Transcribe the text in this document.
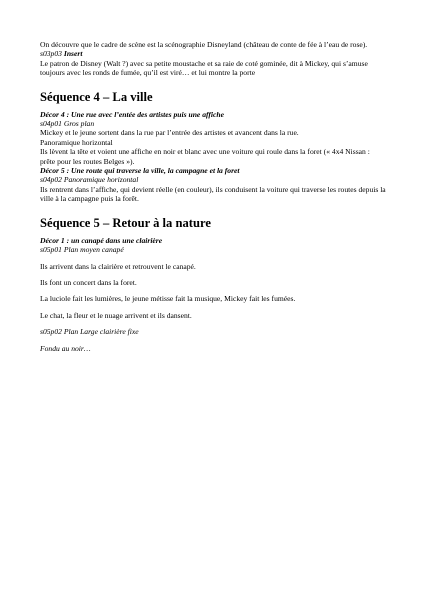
On découvre que le cadre de scène est la scénographie Disneyland (château de conte de fée à l’eau de rose).

s03p03 Insert

Le patron de Disney (Walt ?) avec sa petite moustache et sa raie de coté gominée, dit à Mickey, qui s’amuse toujours avec les ronds de fumée, qu’il est viré… et lui montre la porte

Séquence 4 – La ville

Décor 4 : Une rue avec l’entée des artistes puis une affiche

s04p01 Gros plan

Mickey et le jeune sortent dans la rue par l’entrée des artistes et avancent dans la rue.

Panoramique horizontal

Ils lèvent la tête et voient une affiche en noir et blanc avec une voiture qui roule dans la foret (« 4x4 Nissan : prête pour les routes Belges »).

Décor 5 : Une route qui traverse la ville, la campagne et la foret

s04p02 Panoramique horizontal

Ils rentrent dans l’affiche, qui devient réelle (en couleur), ils conduisent la voiture qui traverse les routes depuis la ville à la campagne puis la forêt.

Séquence 5 – Retour à la nature

Décor 1 : un canapé dans une clairière

s05p01 Plan moyen canapé

Ils arrivent dans la clairière et retrouvent le canapé.

Ils font un concert dans la foret.

La luciole fait les lumières, le jeune métisse fait la musique, Mickey fait les fumées.

Le chat, la fleur et le nuage arrivent et ils dansent.

s05p02 Plan Large clairière fixe

Fondu au noir…
